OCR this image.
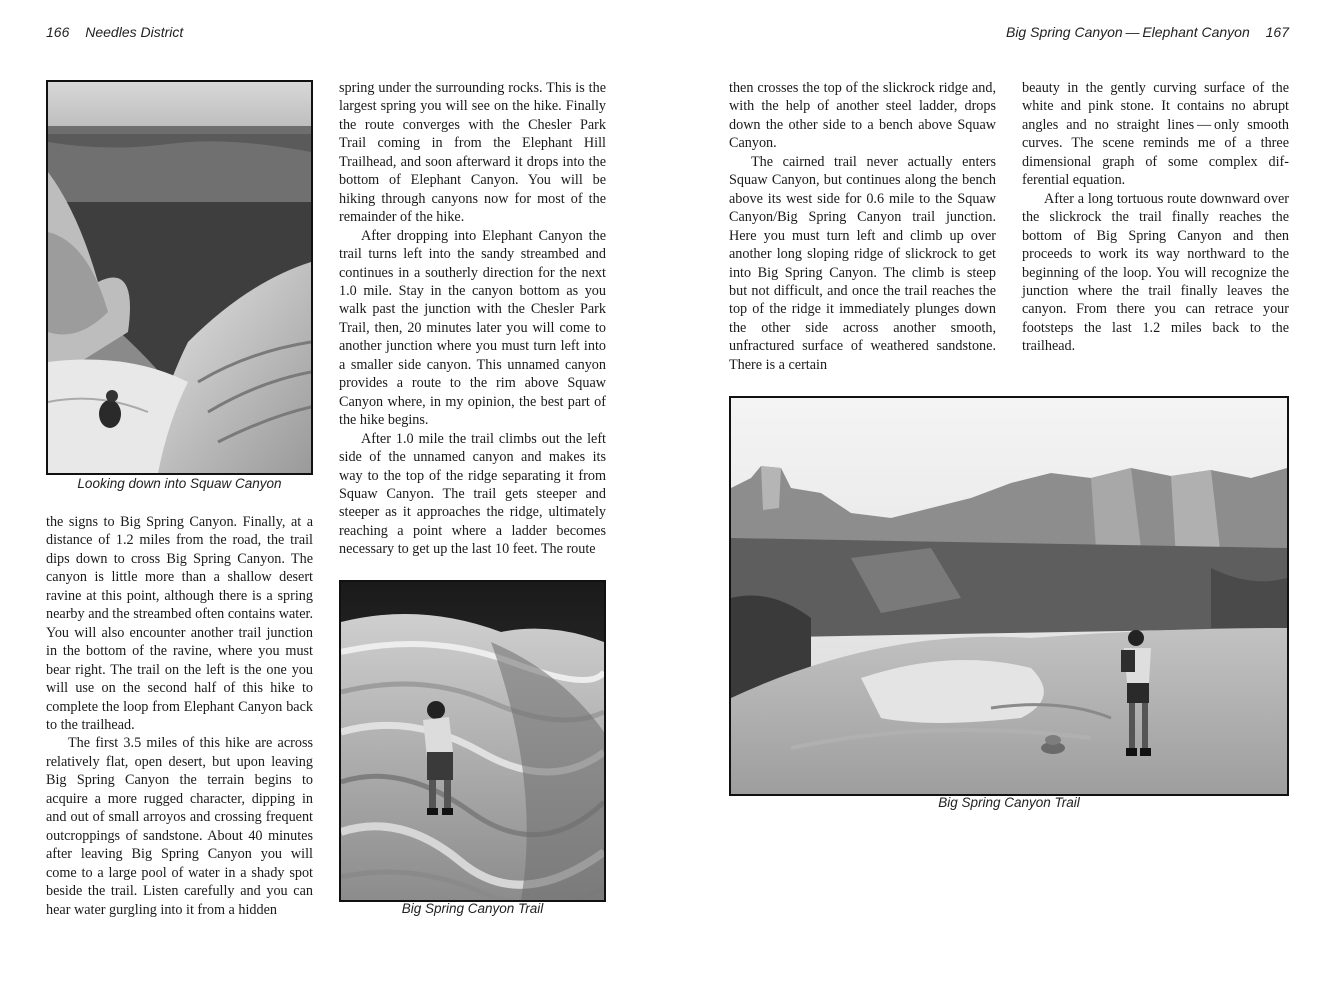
166 Needles District	Big Spring Canyon — Elephant Canyon 167
Looking down into Squaw Canyon

the signs to Big Spring Canyon. Finally, at a distance of 1.2 miles from the road, the trail dips down to cross Big Spring Canyon. The canyon is little more than a shallow desert ravine at this point, although there is a spring nearby and the streambed often contains water. You will also encounter another trail junction in the bottom of the ravine, where you must bear right. The trail on the left is the one you will use on the second half of this hike to complete the loop from Elephant Canyon back to the trailhead.

The first 3.5 miles of this hike are across relatively flat, open desert, but upon leaving Big Spring Canyon the terrain begins to acquire a more rugged character, dipping in and out of small arroyos and crossing frequent outcroppings of sandstone. About 40 minutes after leaving Big Spring Canyon you will come to a large pool of water in a shady spot beside the trail. Listen carefully and you can hear water gurgling into it from a hidden

spring under the surrounding rocks. This is the largest spring you will see on the hike. Finally the route converges with the Chesler Park Trail coming in from the Elephant Hill Trailhead, and soon afterward it drops into the bottom of Elephant Canyon. You will be hiking through canyons now for most of the remainder of the hike.

After dropping into Elephant Canyon the trail turns left into the sandy streambed and continues in a southerly direction for the next 1.0 mile. Stay in the canyon bottom as you walk past the junction with the Chesler Park Trail, then, 20 minutes later you will come to another junction where you must turn left into a smaller side canyon. This unnamed canyon provides a route to the rim above Squaw Canyon where, in my opinion, the best part of the hike begins.

After 1.0 mile the trail climbs out the left side of the unnamed canyon and makes its way to the top of the ridge separating it from Squaw Canyon. The trail gets steeper and steeper as it approaches the ridge, ultimately reaching a point where a ladder becomes necessary to get up the last 10 feet. The route

Big Spring Canyon Trail

then crosses the top of the slickrock ridge and, with the help of another steel ladder, drops down the other side to a bench above Squaw Canyon.

The cairned trail never actually enters Squaw Canyon, but continues along the bench above its west side for 0.6 mile to the Squaw Canyon/Big Spring Canyon trail junction. Here you must turn left and climb up over another long sloping ridge of slickrock to get into Big Spring Canyon. The climb is steep but not difficult, and once the trail reaches the top of the ridge it immediately plunges down the other side across another smooth, unfractured surface of weathered sandstone. There is a certain

beauty in the gently curving surface of the white and pink stone. It contains no abrupt angles and no straight lines — only smooth curves. The scene reminds me of a three dimensional graph of some complex differential equation.

After a long tortuous route downward over the slickrock the trail finally reaches the bottom of Big Spring Canyon and then proceeds to work its way northward to the beginning of the loop. You will recognize the junction where the trail finally leaves the canyon. From there you can retrace your footsteps the last 1.2 miles back to the trailhead.

Big Spring Canyon Trail
